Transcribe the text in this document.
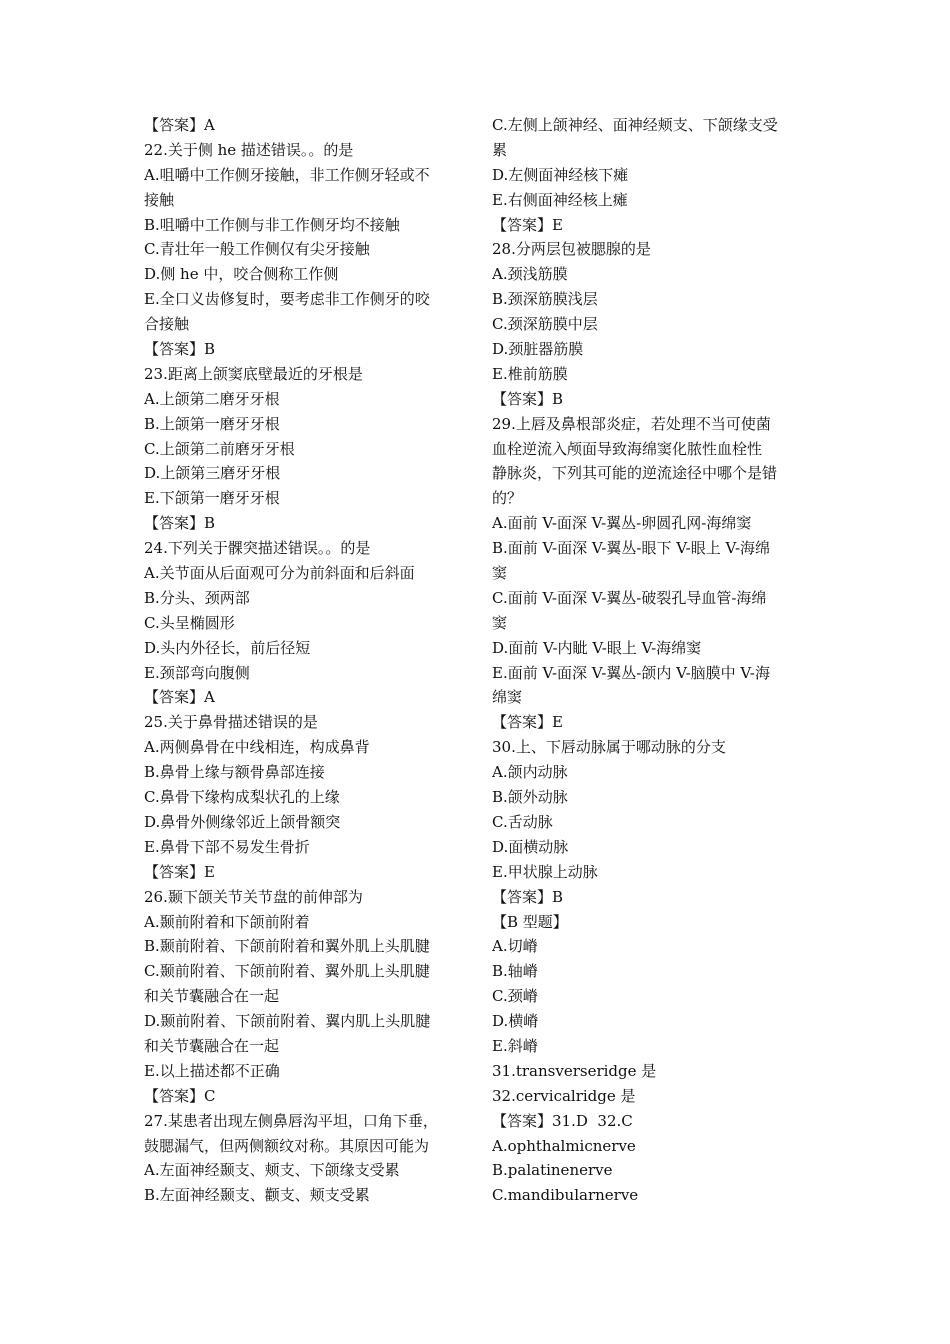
【答案】A
22.关于侧 he 描述错误。。的是
A.咀嚼中工作侧牙接触，非工作侧牙轻或不
接触
B.咀嚼中工作侧与非工作侧牙均不接触
C.青壮年一般工作侧仅有尖牙接触
D.侧 he 中，咬合侧称工作侧
E.全口义齿修复时，要考虑非工作侧牙的咬
合接触
【答案】B
23.距离上颌窦底壁最近的牙根是
A.上颌第二磨牙牙根
B.上颌第一磨牙牙根
C.上颌第二前磨牙牙根
D.上颌第三磨牙牙根
E.下颌第一磨牙牙根
【答案】B
24.下列关于髁突描述错误。。的是
A.关节面从后面观可分为前斜面和后斜面
B.分头、颈两部
C.头呈椭圆形
D.头内外径长，前后径短
E.颈部弯向腹侧
【答案】A
25.关于鼻骨描述错误的是
A.两侧鼻骨在中线相连，构成鼻背
B.鼻骨上缘与额骨鼻部连接
C.鼻骨下缘构成梨状孔的上缘
D.鼻骨外侧缘邻近上颌骨额突
E.鼻骨下部不易发生骨折
【答案】E
26.颞下颌关节关节盘的前伸部为
A.颞前附着和下颌前附着
B.颞前附着、下颌前附着和翼外肌上头肌腱
C.颞前附着、下颌前附着、翼外肌上头肌腱
和关节囊融合在一起
D.颞前附着、下颌前附着、翼内肌上头肌腱
和关节囊融合在一起
E.以上描述都不正确
【答案】C
27.某患者出现左侧鼻唇沟平坦，口角下垂，
鼓腮漏气，但两侧额纹对称。其原因可能为
A.左面神经颞支、颊支、下颌缘支受累
B.左面神经颞支、颧支、颊支受累
C.左侧上颌神经、面神经颊支、下颌缘支受
累
D.左侧面神经核下瘫
E.右侧面神经核上瘫
【答案】E
28.分两层包被腮腺的是
A.颈浅筋膜
B.颈深筋膜浅层
C.颈深筋膜中层
D.颈脏器筋膜
E.椎前筋膜
【答案】B
29.上唇及鼻根部炎症，若处理不当可使菌
血栓逆流入颅面导致海绵窦化脓性血栓性
静脉炎，下列其可能的逆流途径中哪个是错
的？
A.面前 V-面深 V-翼丛-卵圆孔网-海绵窦
B.面前 V-面深 V-翼丛-眼下 V-眼上 V-海绵
窦
C.面前 V-面深 V-翼丛-破裂孔导血管-海绵
窦
D.面前 V-内眦 V-眼上 V-海绵窦
E.面前 V-面深 V-翼丛-颌内 V-脑膜中 V-海
绵窦
【答案】E
30.上、下唇动脉属于哪动脉的分支
A.颌内动脉
B.颌外动脉
C.舌动脉
D.面横动脉
E.甲状腺上动脉
【答案】B
【B 型题】
A.切嵴
B.轴嵴
C.颈嵴
D.横嵴
E.斜嵴
31.transverseridge 是
32.cervicalridge 是
【答案】31.D  32.C
A.ophthalmicnerve
B.palatinenerve
C.mandibularnerve
